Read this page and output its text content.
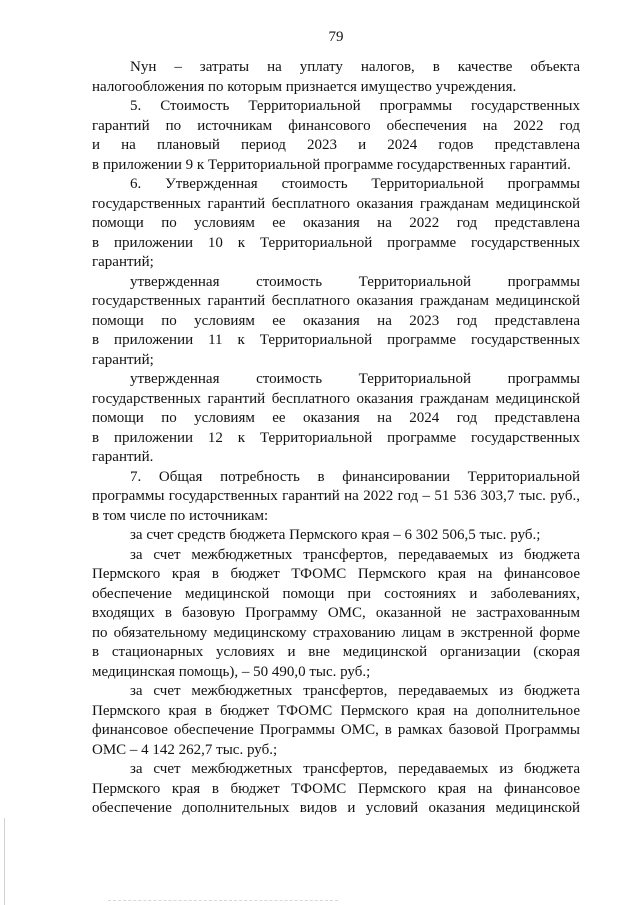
79
Nун – затраты на уплату налогов, в качестве объекта
налогообложения по которым признается имущество учреждения.
5. Стоимость Территориальной программы государственных
гарантий по источникам финансового обеспечения на 2022 год
и на плановый период 2023 и 2024 годов представлена
в приложении 9 к Территориальной программе государственных гарантий.
6. Утвержденная стоимость Территориальной программы
государственных гарантий бесплатного оказания гражданам медицинской
помощи по условиям ее оказания на 2022 год представлена
в приложении 10 к Территориальной программе государственных
гарантий;
утвержденная стоимость Территориальной программы
государственных гарантий бесплатного оказания гражданам медицинской
помощи по условиям ее оказания на 2023 год представлена
в приложении 11 к Территориальной программе государственных
гарантий;
утвержденная стоимость Территориальной программы
государственных гарантий бесплатного оказания гражданам медицинской
помощи по условиям ее оказания на 2024 год представлена
в приложении 12 к Территориальной программе государственных
гарантий.
7. Общая потребность в финансировании Территориальной
программы государственных гарантий на 2022 год – 51 536 303,7 тыс. руб.,
в том числе по источникам:
за счет средств бюджета Пермского края – 6 302 506,5 тыс. руб.;
за счет межбюджетных трансфертов, передаваемых из бюджета
Пермского края в бюджет ТФОМС Пермского края на финансовое
обеспечение медицинской помощи при состояниях и заболеваниях,
входящих в базовую Программу ОМС, оказанной не застрахованным
по обязательному медицинскому страхованию лицам в экстренной форме
в стационарных условиях и вне медицинской организации (скорая
медицинская помощь), – 50 490,0 тыс. руб.;
за счет межбюджетных трансфертов, передаваемых из бюджета
Пермского края в бюджет ТФОМС Пермского края на дополнительное
финансовое обеспечение Программы ОМС, в рамках базовой Программы
ОМС – 4 142 262,7 тыс. руб.;
за счет межбюджетных трансфертов, передаваемых из бюджета
Пермского края в бюджет ТФОМС Пермского края на финансовое
обеспечение дополнительных видов и условий оказания медицинской
